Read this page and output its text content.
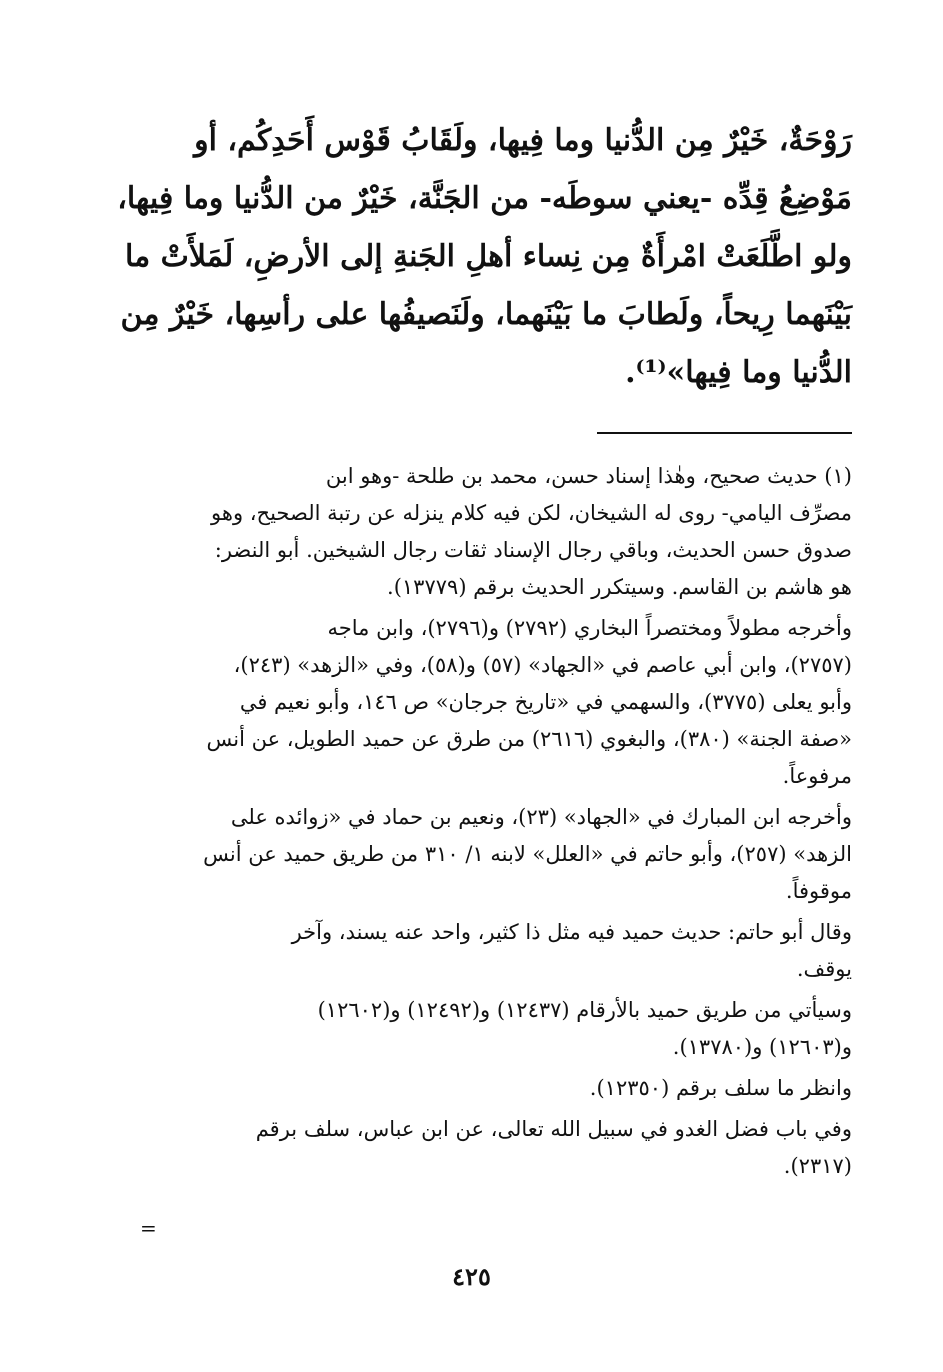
رَوْحَةٌ، خَيْرٌ مِن الدُّنيا وما فِيها، ولَقَابُ قَوْس أَحَدِكُم، أو
مَوْضِعُ قِدِّه -يعني سوطَه- من الجَنَّة، خَيْرٌ من الدُّنيا وما فِيها،
ولو اطَّلَعَتْ امْرأَةٌ مِن نِساء أهلِ الجَنةِ إلى الأرضِ، لَمَلأَتْ ما
بَيْنَهما رِيحاً، ولَطابَ ما بَيْنَهما، ولَنَصيفُها على رأسِها، خَيْرٌ مِن
الدُّنيا وما فِيها»⁽¹⁾.

(١) حديث صحيح، وهٰذا إسناد حسن، محمد بن طلحة -وهو ابن
مصرِّف اليامي- روى له الشيخان، لكن فيه كلام ينزله عن رتبة الصحيح، وهو
صدوق حسن الحديث، وباقي رجال الإسناد ثقات رجال الشيخين. أبو النضر:
هو هاشم بن القاسم. وسيتكرر الحديث برقم (١٣٧٧٩).

وأخرجه مطولاً ومختصراً البخاري (٢٧٩٢) و(٢٧٩٦)، وابن ماجه
(٢٧٥٧)، وابن أبي عاصم في «الجهاد» (٥٧) و(٥٨)، وفي «الزهد» (٢٤٣)،
وأبو يعلى (٣٧٧٥)، والسهمي في «تاريخ جرجان» ص ١٤٦، وأبو نعيم في
«صفة الجنة» (٣٨٠)، والبغوي (٢٦١٦) من طرق عن حميد الطويل، عن أنس
مرفوعاً.

وأخرجه ابن المبارك في «الجهاد» (٢٣)، ونعيم بن حماد في «زوائده على
الزهد» (٢٥٧)، وأبو حاتم في «العلل» لابنه ١/ ٣١٠ من طريق حميد عن أنس
موقوفاً.

وقال أبو حاتم: حديث حميد فيه مثل ذا كثير، واحد عنه يسند، وآخر
يوقف.

وسيأتي من طريق حميد بالأرقام (١٢٤٣٧) و(١٢٤٩٢) و(١٢٦٠٢)
و(١٢٦٠٣) و(١٣٧٨٠).

وانظر ما سلف برقم (١٢٣٥٠).

وفي باب فضل الغدو في سبيل الله تعالى، عن ابن عباس، سلف برقم
(٢٣١٧).

=
٤٢٥
